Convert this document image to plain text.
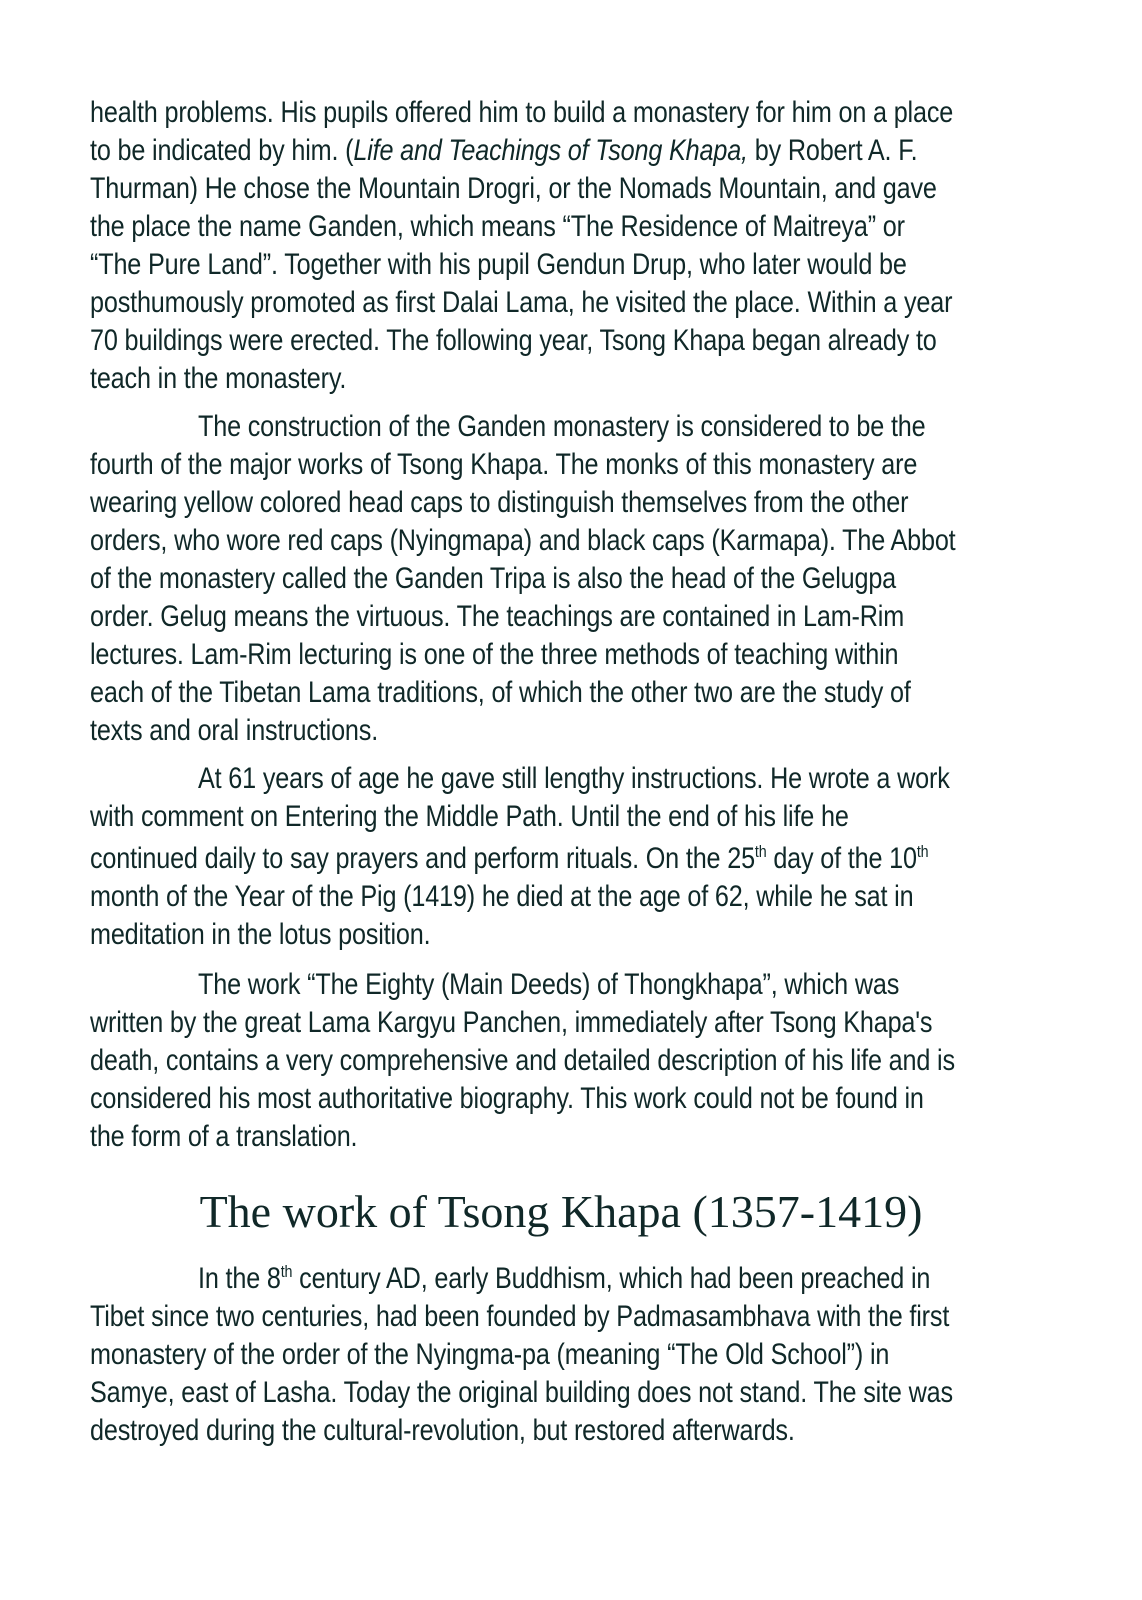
health problems. His pupils offered him to build a monastery for him on a place
to be indicated by him. (Life and Teachings of Tsong Khapa, by Robert A. F.
Thurman) He chose the Mountain Drogri, or the Nomads Mountain, and gave
the place the name Ganden, which means “The Residence of Maitreya” or
“The Pure Land”. Together with his pupil Gendun Drup, who later would be
posthumously promoted as first Dalai Lama, he visited the place. Within a year
70 buildings were erected. The following year, Tsong Khapa began already to
teach in the monastery.
The construction of the Ganden monastery is considered to be the
fourth of the major works of Tsong Khapa. The monks of this monastery are
wearing yellow colored head caps to distinguish themselves from the other
orders, who wore red caps (Nyingmapa) and black caps (Karmapa). The Abbot
of the monastery called the Ganden Tripa is also the head of the Gelugpa
order. Gelug means the virtuous. The teachings are contained in Lam-Rim
lectures. Lam-Rim lecturing is one of the three methods of teaching within
each of the Tibetan Lama traditions, of which the other two are the study of
texts and oral instructions.
At 61 years of age he gave still lengthy instructions. He wrote a work
with comment on Entering the Middle Path. Until the end of his life he
continued daily to say prayers and perform rituals. On the 25th day of the 10th
month of the Year of the Pig (1419) he died at the age of 62, while he sat in
meditation in the lotus position.
The work “The Eighty (Main Deeds) of Thongkhapa”, which was
written by the great Lama Kargyu Panchen, immediately after Tsong Khapa's
death, contains a very comprehensive and detailed description of his life and is
considered his most authoritative biography. This work could not be found in
the form of a translation.
The work of Tsong Khapa (1357-1419)
In the 8th century AD, early Buddhism, which had been preached in
Tibet since two centuries, had been founded by Padmasambhava with the first
monastery of the order of the Nyingma-pa (meaning “The Old School”) in
Samye, east of Lasha. Today the original building does not stand. The site was
destroyed during the cultural-revolution, but restored afterwards.
